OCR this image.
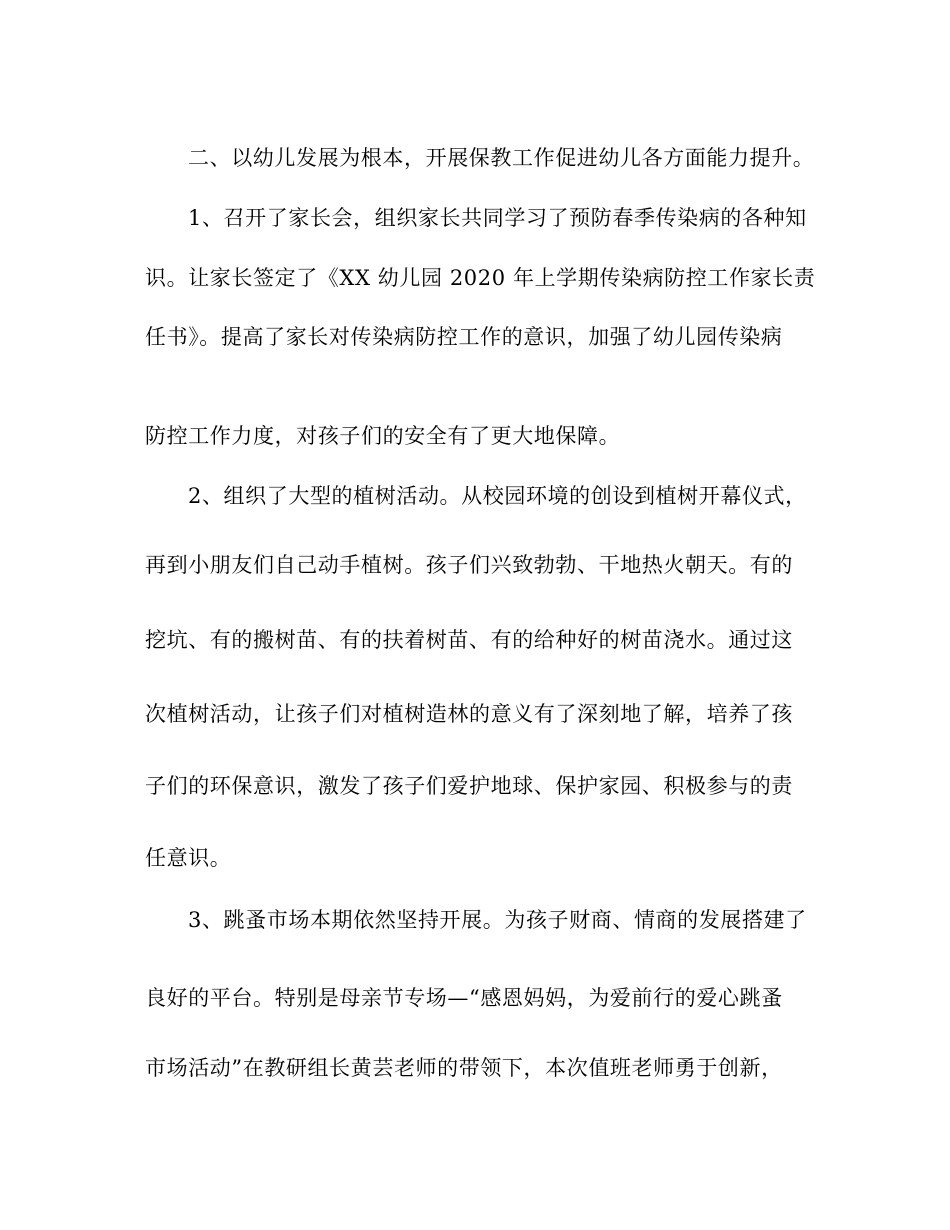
二、以幼儿发展为根本，开展保教工作促进幼儿各方面能力提升。
1、召开了家长会，组织家长共同学习了预防春季传染病的各种知
识。让家长签定了《XX 幼儿园 2020 年上学期传染病防控工作家长责
任书》。提高了家长对传染病防控工作的意识，加强了幼儿园传染病
防控工作力度，对孩子们的安全有了更大地保障。
2、组织了大型的植树活动。从校园环境的创设到植树开幕仪式，
再到小朋友们自己动手植树。孩子们兴致勃勃、干地热火朝天。有的
挖坑、有的搬树苗、有的扶着树苗、有的给种好的树苗浇水。通过这
次植树活动，让孩子们对植树造林的意义有了深刻地了解，培养了孩
子们的环保意识，激发了孩子们爱护地球、保护家园、积极参与的责
任意识。
3、跳蚤市场本期依然坚持开展。为孩子财商、情商的发展搭建了
良好的平台。特别是母亲节专场—“感恩妈妈，为爱前行的爱心跳蚤
市场活动”在教研组长黄芸老师的带领下，本次值班老师勇于创新，
